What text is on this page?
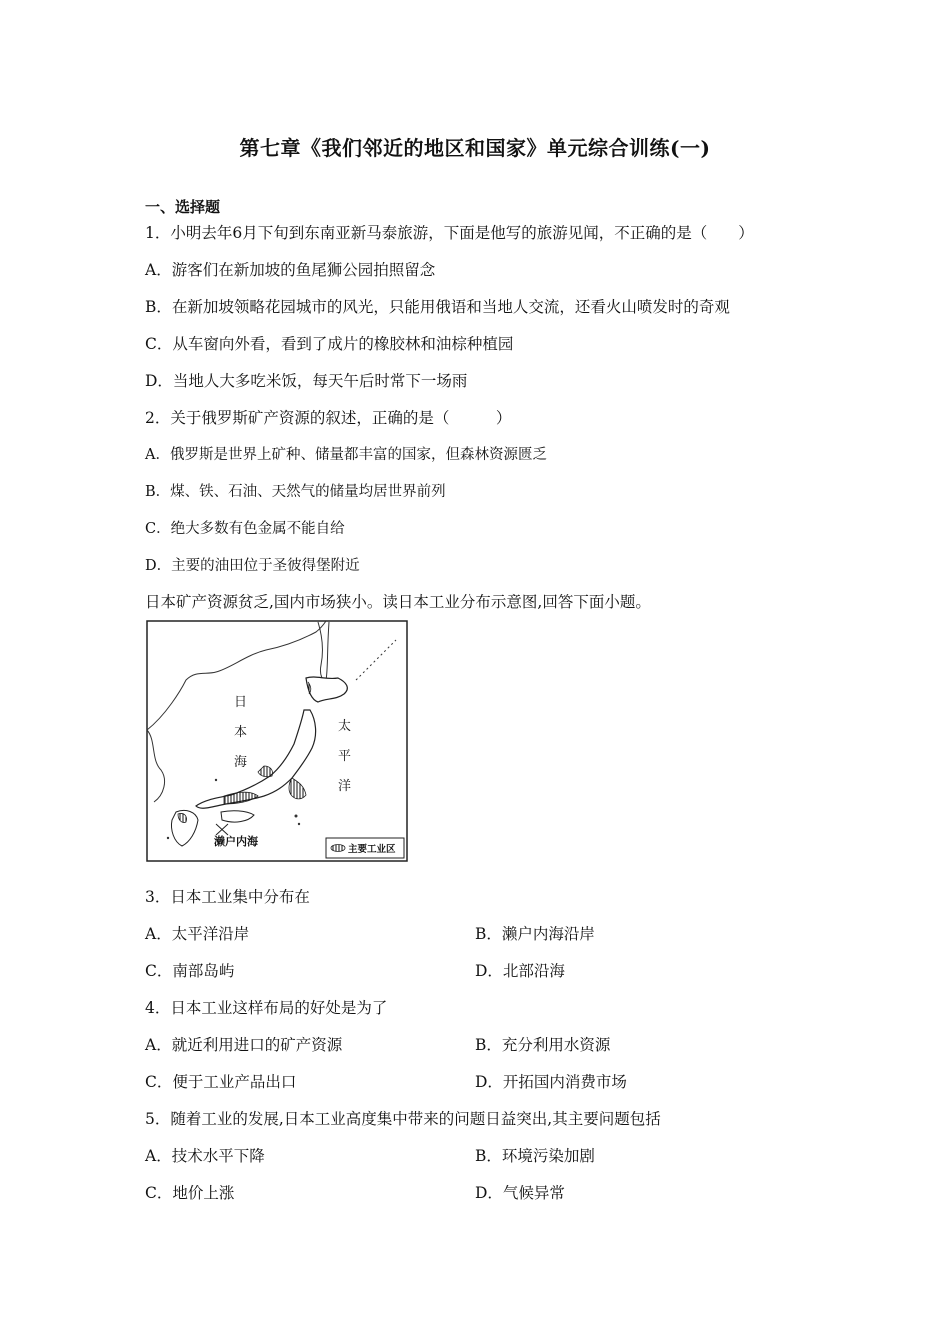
第七章《我们邻近的地区和国家》单元综合训练(一)
一、选择题
1．小明去年6月下旬到东南亚新马泰旅游，下面是他写的旅游见闻，不正确的是（　　）
A．游客们在新加坡的鱼尾狮公园拍照留念
B．在新加坡领略花园城市的风光，只能用俄语和当地人交流，还看火山喷发时的奇观
C．从车窗向外看，看到了成片的橡胶林和油棕种植园
D．当地人大多吃米饭，每天午后时常下一场雨
2．关于俄罗斯矿产资源的叙述，正确的是（　　　）
A．俄罗斯是世界上矿种、储量都丰富的国家，但森林资源匮乏
B．煤、铁、石油、天然气的储量均居世界前列
C．绝大多数有色金属不能自给
D．主要的油田位于圣彼得堡附近
日本矿产资源贫乏,国内市场狭小。读日本工业分布示意图,回答下面小题。
日
本
海
太
平
洋
濑户内海
主要工业区
3．日本工业集中分布在
A．太平洋沿岸	B．濑户内海沿岸
C．南部岛屿	D．北部沿海
4．日本工业这样布局的好处是为了
A．就近利用进口的矿产资源	B．充分利用水资源
C．便于工业产品出口	D．开拓国内消费市场
5．随着工业的发展,日本工业高度集中带来的问题日益突出,其主要问题包括
A．技术水平下降	B．环境污染加剧
C．地价上涨	D．气候异常
